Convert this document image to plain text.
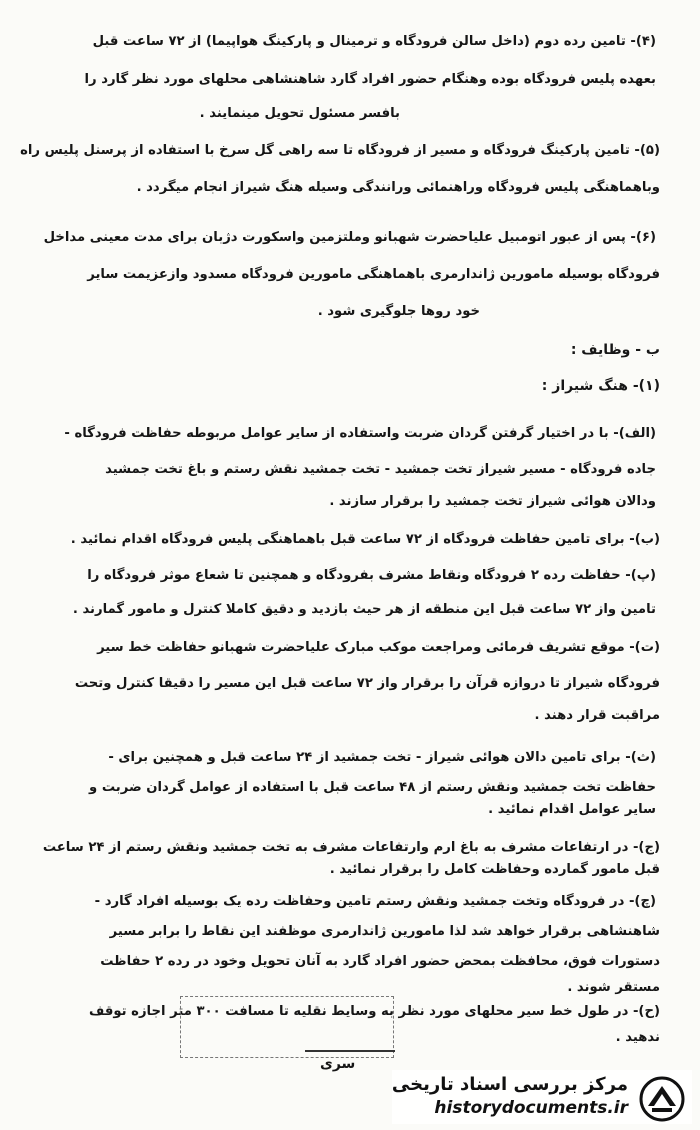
(۴)- تامین رده دوم (داخل سالن فرودگاه و ترمینال و پارکینگ هواپیما) از ۷۲ ساعت قبل
بعهده پلیس فرودگاه بوده وهنگام حضور افراد گارد شاهنشاهی محلهای مورد نظر گارد را
بافسر مسئول تحویل مینمایند .
(۵)- تامین پارکینگ فرودگاه و مسیر از فرودگاه تا سه راهی گل سرخ با استفاده از پرسنل پلیس راه
وباهماهنگی پلیس فرودگاه وراهنمائی ورانندگی وسیله هنگ شیراز انجام میگردد .
(۶)- پس از عبور اتومبیل علیاحضرت شهبانو وملتزمین واسکورت دژبان برای مدت معینی مداخل
فرودگاه بوسیله مامورین ژاندارمری باهماهنگی مامورین فرودگاه مسدود وازعزیمت سایر
خود روها جلوگیری شود .
ب - وظایف :
(۱)- هنگ شیراز :
(الف)- با در اختیار گرفتن گردان ضربت واستفاده از سایر عوامل مربوطه حفاظت فرودگاه -
جاده فرودگاه - مسیر شیراز تخت جمشید - تخت جمشید نقش رستم و باغ تخت جمشید
ودالان هوائی شیراز تخت جمشید را برقرار سازند .
(ب)- برای تامین حفاظت فرودگاه از ۷۲ ساعت قبل باهماهنگی پلیس فرودگاه اقدام نمائید .
(پ)- حفاظت رده ۲ فرودگاه ونقاط مشرف بفرودگاه و همچنین تا شعاع موثر فرودگاه را
تامین واز ۷۲ ساعت قبل این منطقه از هر حیث بازدید و دقیق کاملا کنترل و مامور گمارند .
(ت)- موقع تشریف فرمائی ومراجعت موکب مبارک علیاحضرت شهبانو حفاظت خط سیر
فرودگاه شیراز تا دروازه قرآن را برقرار واز ۷۲ ساعت قبل این مسیر را دقیقا کنترل وتحت
مراقبت قرار دهند .
(ث)- برای تامین دالان هوائی شیراز - تخت جمشید از ۲۴ ساعت قبل و همچنین برای -
حفاظت تخت جمشید ونقش رستم از ۴۸ ساعت قبل با استفاده از عوامل گردان ضربت و
سایر عوامل اقدام نمائید .
(ج)- در ارتفاعات مشرف به باغ ارم وارتفاعات مشرف به تخت جمشید ونقش رستم از ۲۴ ساعت
قبل مامور گمارده وحفاظت کامل را برقرار نمائید .
(چ)- در فرودگاه وتخت جمشید ونقش رستم تامین وحفاظت رده یک بوسیله افراد گارد -
شاهنشاهی برقرار خواهد شد لذا مامورین ژاندارمری موظفند این نقاط را برابر مسیر
دستورات فوق، محافظت بمحض حضور افراد گارد به آنان تحویل وخود در رده ۲ حفاظت
مستقر شوند .
(ح)- در طول خط سیر محلهای مورد نظر به وسایط نقلیه تا مسافت ۳۰۰ متر اجازه توقف
ندهید .
سری
مرکز بررسی اسناد تاریخی
historydocuments.ir
